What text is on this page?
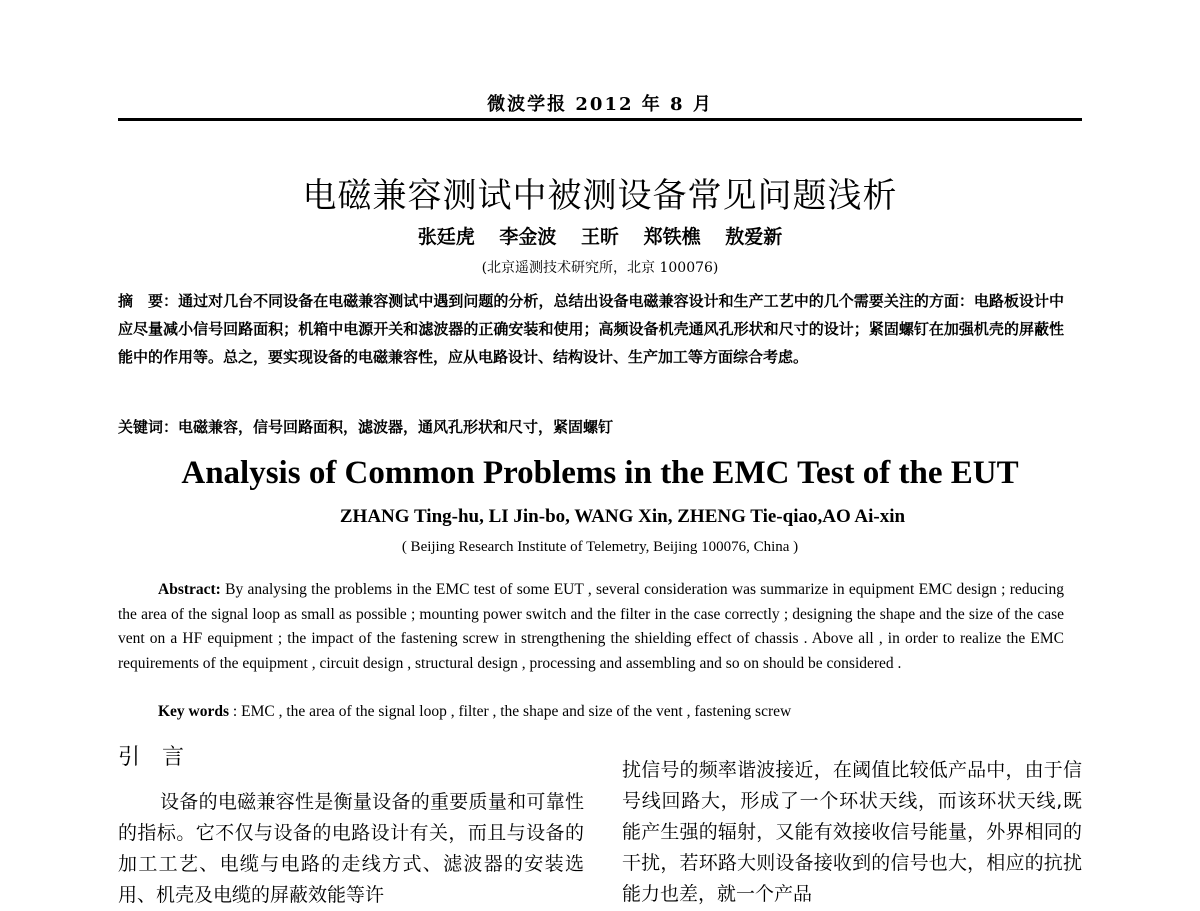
微波学报 2012 年 8 月
电磁兼容测试中被测设备常见问题浅析
张廷虎 李金波 王昕 郑铁樵 敖爱新
(北京遥测技术研究所，北京 100076)
摘　要：通过对几台不同设备在电磁兼容测试中遇到问题的分析，总结出设备电磁兼容设计和生产工艺中的几个需要关注的方面：电路板设计中应尽量减小信号回路面积；机箱中电源开关和滤波器的正确安装和使用；高频设备机壳通风孔形状和尺寸的设计；紧固螺钉在加强机壳的屏蔽性能中的作用等。总之，要实现设备的电磁兼容性，应从电路设计、结构设计、生产加工等方面综合考虑。
关键词：电磁兼容，信号回路面积，滤波器，通风孔形状和尺寸，紧固螺钉
Analysis of Common Problems in the EMC Test of the EUT
ZHANG Ting-hu, LI Jin-bo, WANG Xin, ZHENG Tie-qiao,AO Ai-xin
( Beijing Research Institute of Telemetry, Beijing 100076, China )
Abstract: By analysing the problems in the EMC test of some EUT , several consideration was summarize in equipment EMC design ; reducing the area of the signal loop as small as possible ; mounting power switch and the filter in the case correctly ; designing the shape and the size of the case vent on a HF equipment ; the impact of the fastening screw in strengthening the shielding effect of chassis . Above all , in order to realize the EMC requirements of the equipment , circuit design , structural design , processing and assembling and so on should be considered .
Key words : EMC , the area of the signal loop , filter , the shape and size of the vent , fastening screw
引言
设备的电磁兼容性是衡量设备的重要质量和可靠性的指标。它不仅与设备的电路设计有关，而且与设备的加工工艺、电缆与电路的走线方式、滤波器的安装选用、机壳及电缆的屏蔽效能等许
扰信号的频率谐波接近，在阈值比较低产品中，由于信号线回路大，形成了一个环状天线，而该环状天线,既能产生强的辐射，又能有效接收信号能量，外界相同的干扰，若环路大则设备接收到的信号也大，相应的抗扰能力也差，就一个产品
